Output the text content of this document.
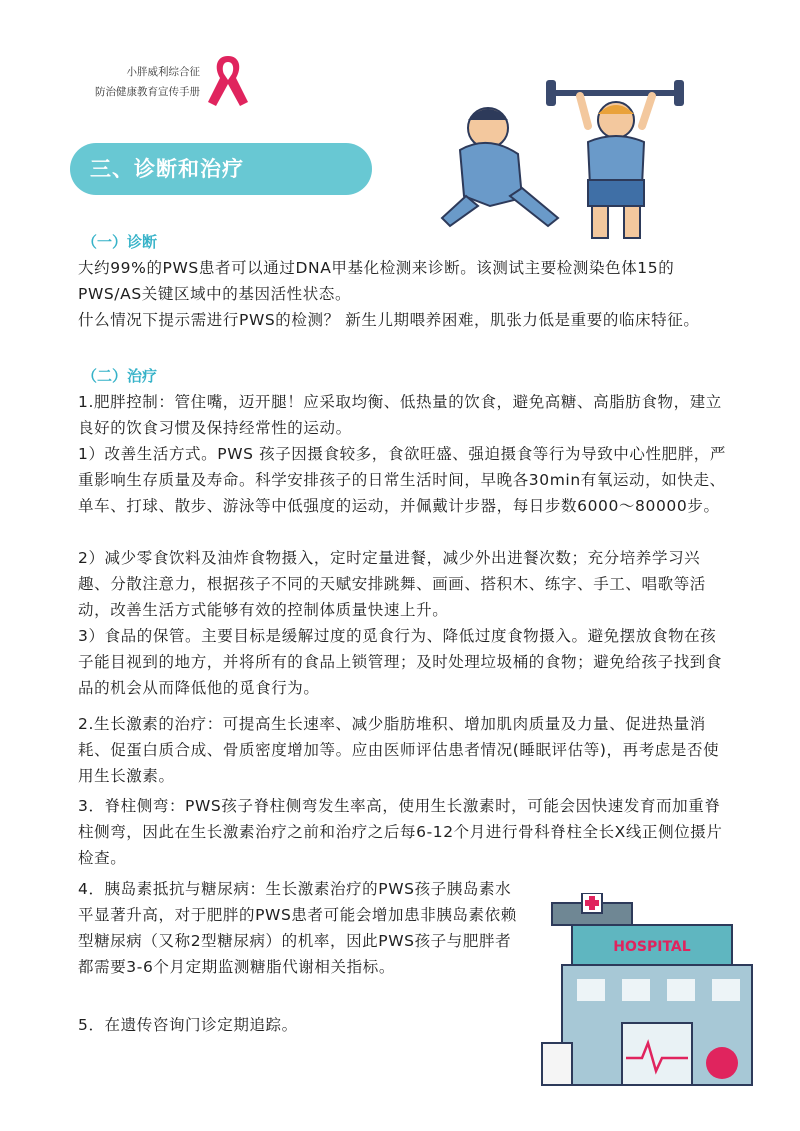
小胖威利综合征
防治健康教育宣传手册
三、诊断和治疗
（一）诊断
大约99%的PWS患者可以通过DNA甲基化检测来诊断。该测试主要检测染色体15的PWS/AS关键区域中的基因活性状态。
什么情况下提示需进行PWS的检测？ 新生儿期喂养困难，肌张力低是重要的临床特征。
（二）治疗
1.肥胖控制：管住嘴，迈开腿！应采取均衡、低热量的饮食，避免高糖、高脂肪食物，建立良好的饮食习惯及保持经常性的运动。
1）改善生活方式。PWS 孩子因摄食较多，食欲旺盛、强迫摄食等行为导致中心性肥胖，严重影响生存质量及寿命。科学安排孩子的日常生活时间，早晚各30min有氧运动，如快走、单车、打球、散步、游泳等中低强度的运动，并佩戴计步器，每日步数6000～80000步。
2）减少零食饮料及油炸食物摄入，定时定量进餐，减少外出进餐次数；充分培养学习兴趣、分散注意力，根据孩子不同的天赋安排跳舞、画画、搭积木、练字、手工、唱歌等活动，改善生活方式能够有效的控制体质量快速上升。
3）食品的保管。主要目标是缓解过度的觅食行为、降低过度食物摄入。避免摆放食物在孩子能目视到的地方，并将所有的食品上锁管理；及时处理垃圾桶的食物；避免给孩子找到食品的机会从而降低他的觅食行为。
2.生长激素的治疗：可提高生长速率、减少脂肪堆积、增加肌肉质量及力量、促进热量消耗、促蛋白质合成、骨质密度增加等。应由医师评估患者情况(睡眠评估等)，再考虑是否使用生长激素。
3．脊柱侧弯：PWS孩子脊柱侧弯发生率高，使用生长激素时，可能会因快速发育而加重脊柱侧弯，因此在生长激素治疗之前和治疗之后每6-12个月进行骨科脊柱全长X线正侧位摄片检查。
4．胰岛素抵抗与糖尿病：生长激素治疗的PWS孩子胰岛素水平显著升高，对于肥胖的PWS患者可能会增加患非胰岛素依赖型糖尿病（又称2型糖尿病）的机率，因此PWS孩子与肥胖者都需要3-6个月定期监测糖脂代谢相关指标。
5．在遗传咨询门诊定期追踪。
HOSPITAL
